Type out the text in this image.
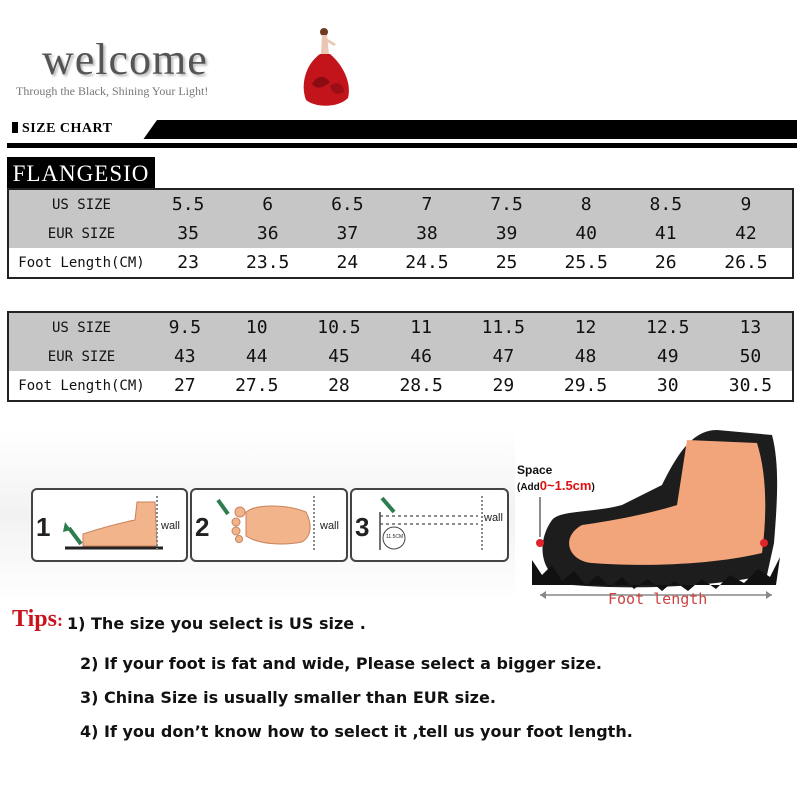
welcome
Through the Black, Shining Your Light!
SIZE CHART
FLANGESIO
US SIZE	5.5	6	6.5	7	7.5	8	8.5	9
EUR SIZE	35	36	37	38	39	40	41	42
Foot Length(CM)	23	23.5	24	24.5	25	25.5	26	26.5
US SIZE	9.5	10	10.5	11	11.5	12	12.5	13
EUR SIZE	43	44	45	46	47	48	49	50
Foot Length(CM)	27	27.5	28	28.5	29	29.5	30	30.5
1	wall 2	wall 3	11.5CM
wall
Space
(Add0~1.5cm)
Foot length
Tips: 1) The size you select is US size .
2) If your foot is fat and wide, Please select a bigger size.
3) China Size is usually smaller than EUR size.
4) If you don’t know how to select it ,tell us your foot length.
